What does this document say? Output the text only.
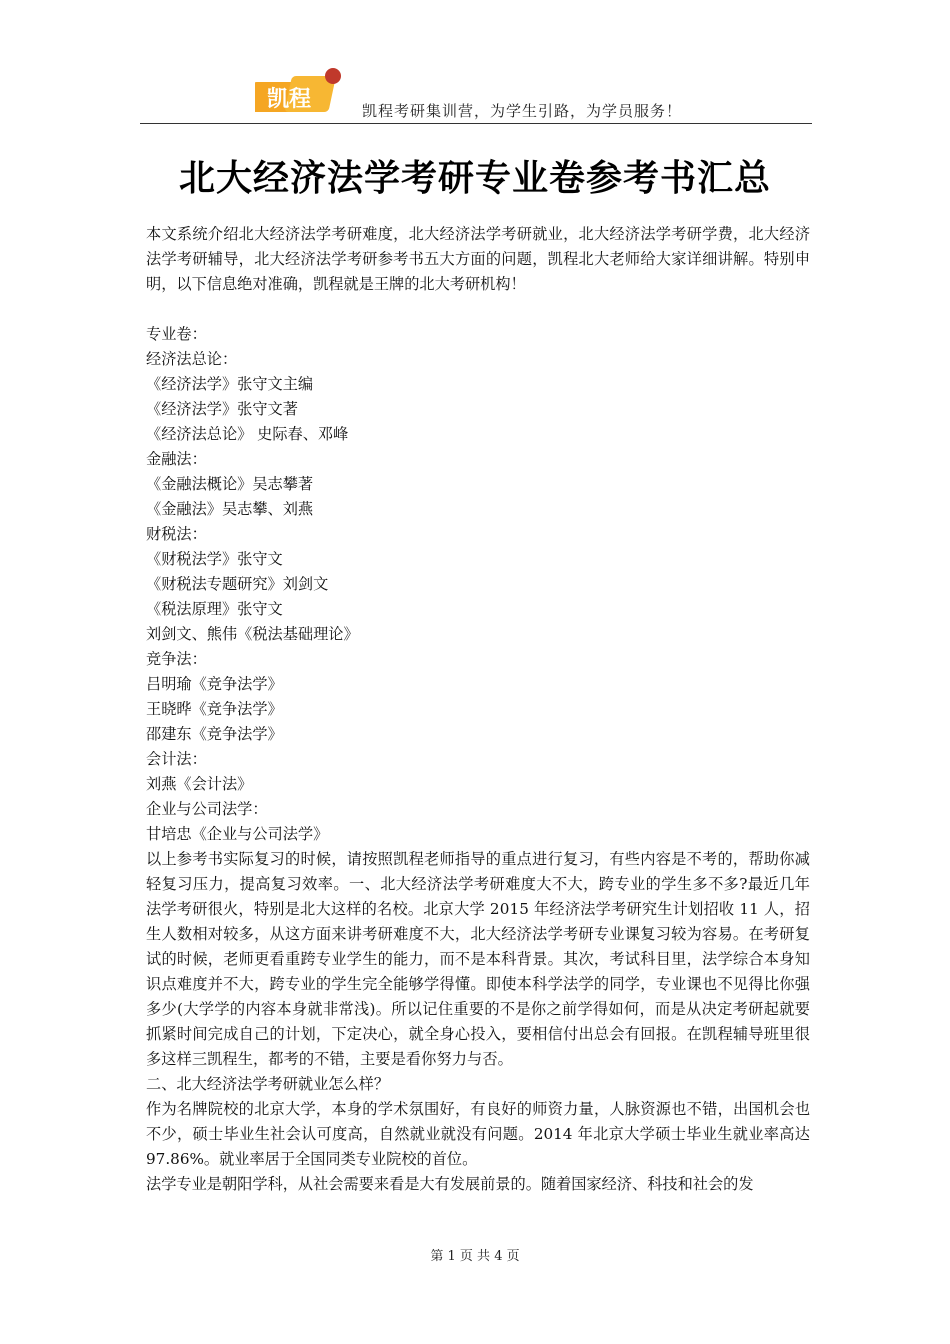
凯程	凯程考研集训营，为学生引路，为学员服务！
北大经济法学考研专业卷参考书汇总

本文系统介绍北大经济法学考研难度，北大经济法学考研就业，北大经济法学考研学费，北大经济法学考研辅导，北大经济法学考研参考书五大方面的问题，凯程北大老师给大家详细讲解。特别申明，以下信息绝对准确，凯程就是王牌的北大考研机构！

专业卷：
经济法总论：
《经济法学》张守文主编
《经济法学》张守文著
《经济法总论》 史际春、邓峰
金融法：
《金融法概论》吴志攀著
《金融法》吴志攀、刘燕
财税法：
《财税法学》张守文
《财税法专题研究》刘剑文
《税法原理》张守文
刘剑文、熊伟《税法基础理论》
竞争法：
吕明瑜《竞争法学》
王晓晔《竞争法学》
邵建东《竞争法学》
会计法：
刘燕《会计法》
企业与公司法学：
甘培忠《企业与公司法学》

以上参考书实际复习的时候，请按照凯程老师指导的重点进行复习，有些内容是不考的，帮助你减轻复习压力，提高复习效率。一、北大经济法学考研难度大不大，跨专业的学生多不多?最近几年法学考研很火，特别是北大这样的名校。北京大学 2015 年经济法学考研究生计划招收 11 人，招生人数相对较多，从这方面来讲考研难度不大，北大经济法学考研专业课复习较为容易。在考研复试的时候，老师更看重跨专业学生的能力，而不是本科背景。其次，考试科目里，法学综合本身知识点难度并不大，跨专业的学生完全能够学得懂。即使本科学法学的同学，专业课也不见得比你强多少(大学学的内容本身就非常浅)。所以记住重要的不是你之前学得如何，而是从决定考研起就要抓紧时间完成自己的计划，下定决心，就全身心投入，要相信付出总会有回报。在凯程辅导班里很多这样三凯程生，都考的不错，主要是看你努力与否。

二、北大经济法学考研就业怎么样？

作为名牌院校的北京大学，本身的学术氛围好，有良好的师资力量，人脉资源也不错，出国机会也不少，硕士毕业生社会认可度高，自然就业就没有问题。2014 年北京大学硕士毕业生就业率高达 97.86%。就业率居于全国同类专业院校的首位。

法学专业是朝阳学科，从社会需要来看是大有发展前景的。随着国家经济、科技和社会的发

第 1 页 共 4 页
